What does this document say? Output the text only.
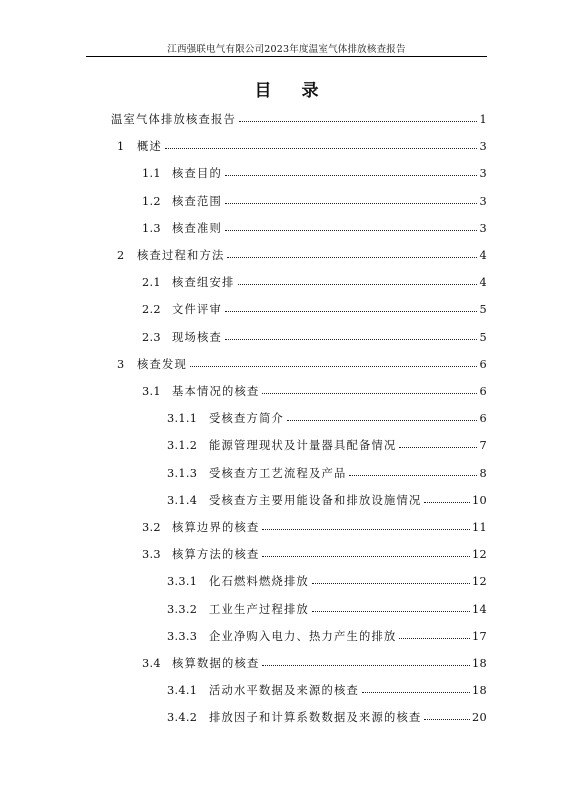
江西强联电气有限公司2023年度温室气体排放核查报告
目 录
温室气体排放核查报告	1
1	概述	3
1.1 核查目的	3
1.2 核查范围	3
1.3 核查准则	3
2	核查过程和方法	4
2.1 核查组安排	4
2.2 文件评审	5
2.3 现场核查	5
3	核查发现	6
3.1 基本情况的核查	6
3.1.1	受核查方简介	6
3.1.2	能源管理现状及计量器具配备情况	7
3.1.3	受核查方工艺流程及产品	8
3.1.4	受核查方主要用能设备和排放设施情况	10
3.2 核算边界的核查	11
3.3 核算方法的核查	12
3.3.1	化石燃料燃烧排放	12
3.3.2	工业生产过程排放	14
3.3.3	企业净购入电力、热力产生的排放	17
3.4 核算数据的核查	18
3.4.1	活动水平数据及来源的核查	18
3.4.2	排放因子和计算系数数据及来源的核查	20
